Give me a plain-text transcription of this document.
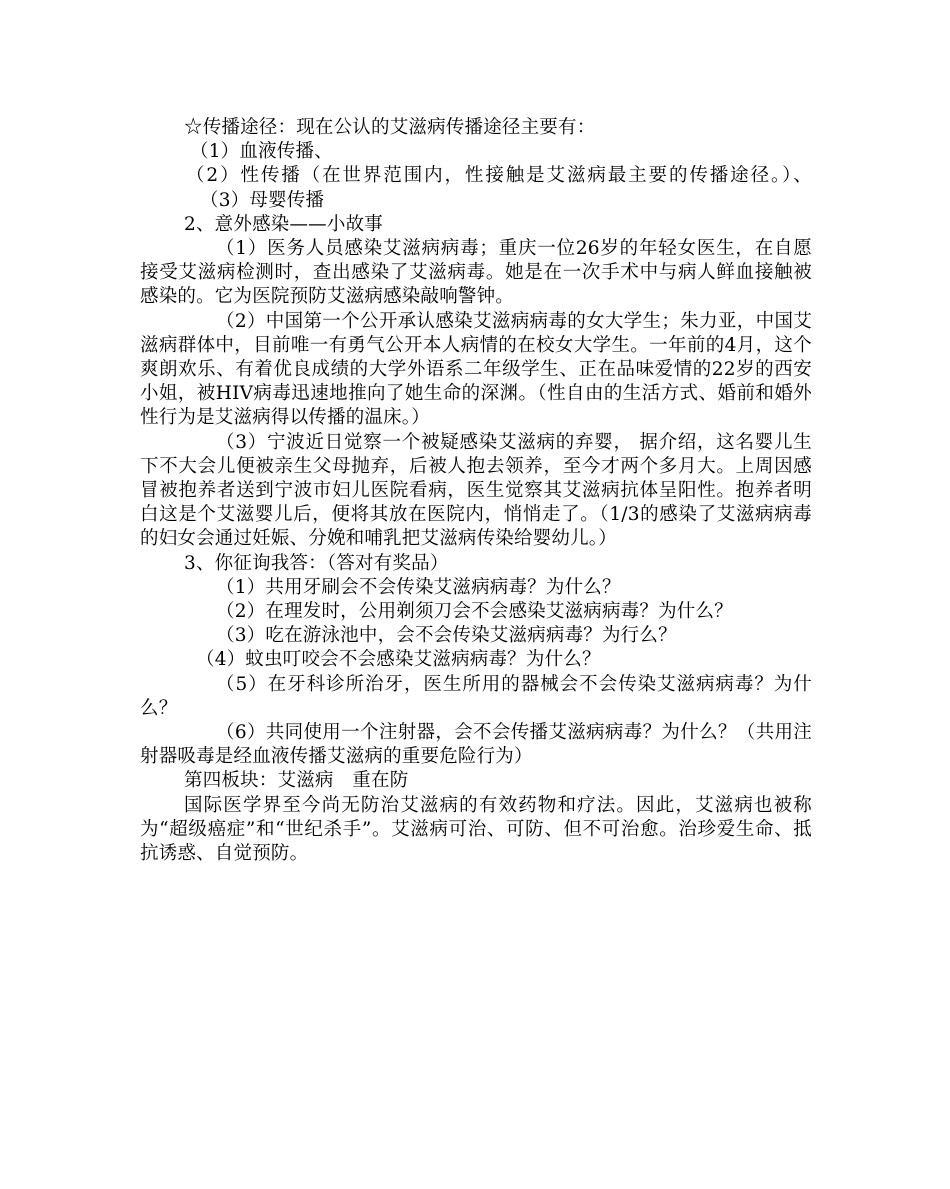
☆传播途径：现在公认的艾滋病传播途径主要有：

（1）血液传播、

（2）性传播（在世界范围内，性接触是艾滋病最主要的传播途径。）、（3）母婴传播

2、意外感染——小故事

（1）医务人员感染艾滋病病毒；重庆一位26岁的年轻女医生，在自愿接受艾滋病检测时，查出感染了艾滋病毒。她是在一次手术中与病人鲜血接触被感染的。它为医院预防艾滋病感染敲响警钟。

（2）中国第一个公开承认感染艾滋病病毒的女大学生；朱力亚，中国艾滋病群体中，目前唯一有勇气公开本人病情的在校女大学生。一年前的4月，这个爽朗欢乐、有着优良成绩的大学外语系二年级学生、正在品味爱情的22岁的西安小姐，被HIV病毒迅速地推向了她生命的深渊。（性自由的生活方式、婚前和婚外性行为是艾滋病得以传播的温床。）

（3）宁波近日觉察一个被疑感染艾滋病的弃婴， 据介绍，这名婴儿生下不大会儿便被亲生父母抛弃，后被人抱去领养，至今才两个多月大。上周因感冒被抱养者送到宁波市妇儿医院看病，医生觉察其艾滋病抗体呈阳性。抱养者明白这是个艾滋婴儿后，便将其放在医院内，悄悄走了。（1/3的感染了艾滋病病毒的妇女会通过妊娠、分娩和哺乳把艾滋病传染给婴幼儿。）

3、你征询我答：（答对有奖品）

（1）共用牙刷会不会传染艾滋病病毒？为什么？

（2）在理发时，公用剃须刀会不会感染艾滋病病毒？为什么？

（3）吃在游泳池中，会不会传染艾滋病病毒？为行么？

（4）蚊虫叮咬会不会感染艾滋病病毒？为什么？

（5）在牙科诊所治牙，医生所用的器械会不会传染艾滋病病毒？为什么？

（6）共同使用一个注射器，会不会传播艾滋病病毒？为什么？（共用注射器吸毒是经血液传播艾滋病的重要危险行为）

第四板块：艾滋病　重在防

国际医学界至今尚无防治艾滋病的有效药物和疗法。因此，艾滋病也被称为“超级癌症”和“世纪杀手”。艾滋病可治、可防、但不可治愈。治珍爱生命、抵抗诱惑、自觉预防。
